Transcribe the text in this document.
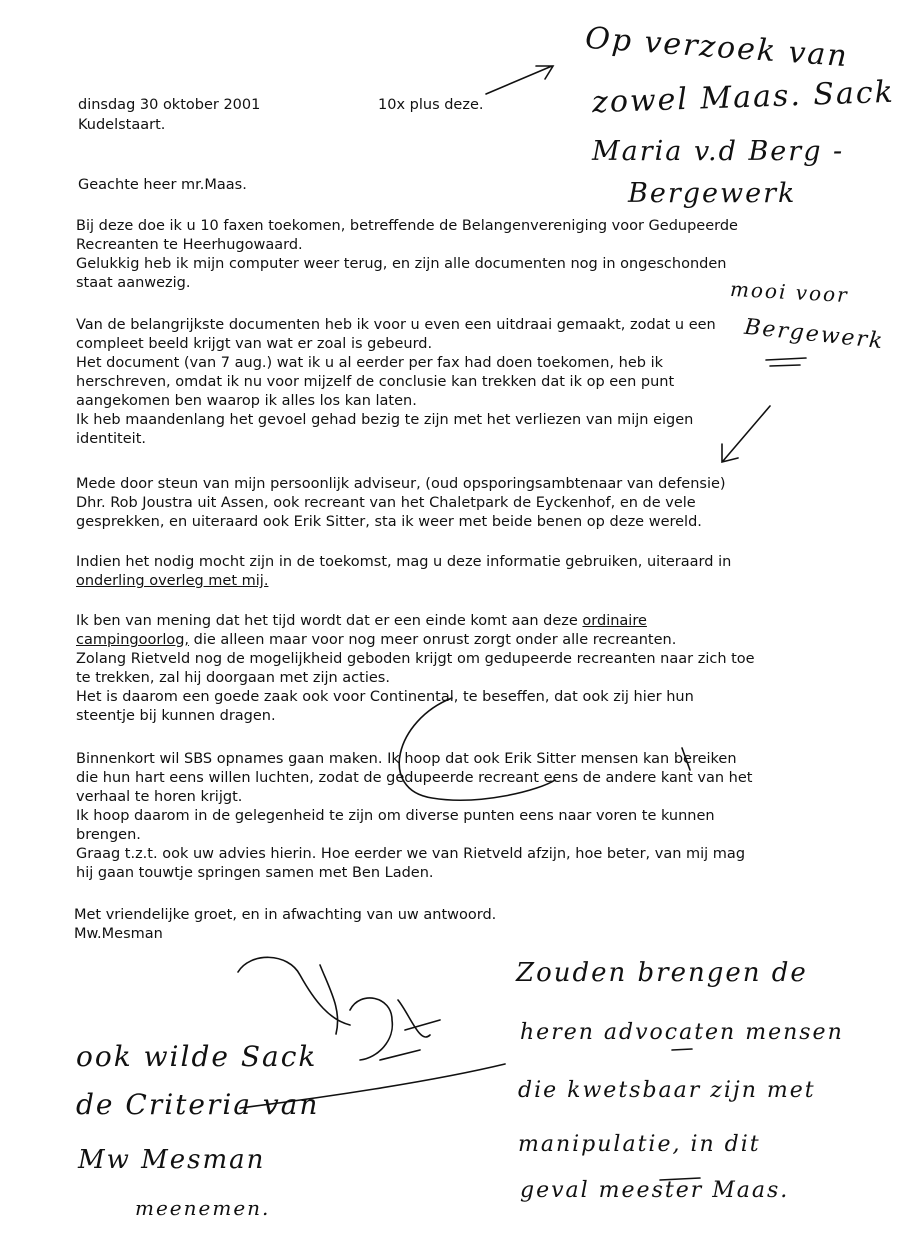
dinsdag 30 oktober 2001	10x plus deze.
Kudelstaart.
Geachte heer mr.Maas.
Bij deze doe ik u 10 faxen toekomen, betreffende de Belangenvereniging voor Gedupeerde
Recreanten te Heerhugowaard.
Gelukkig heb ik mijn computer weer terug, en zijn alle documenten nog in ongeschonden
staat aanwezig.
Van de belangrijkste documenten heb ik voor u even een uitdraai gemaakt, zodat u een
compleet beeld krijgt van wat er zoal is gebeurd.
Het document (van 7 aug.) wat ik u al eerder per fax had doen toekomen, heb ik
herschreven, omdat ik nu voor mijzelf de conclusie kan trekken dat ik op een punt
aangekomen ben waarop ik alles los kan laten.
Ik heb maandenlang het gevoel gehad bezig te zijn met het verliezen van mijn eigen
identiteit.
Mede door steun van mijn persoonlijk adviseur, (oud opsporingsambtenaar van defensie)
Dhr. Rob Joustra uit Assen, ook recreant van het Chaletpark de Eyckenhof, en de vele
gesprekken, en uiteraard ook Erik Sitter, sta ik weer met beide benen op deze wereld.
Indien het nodig mocht zijn in de toekomst, mag u deze informatie gebruiken, uiteraard in
onderling overleg met mij.
Ik ben van mening dat het tijd wordt dat er een einde komt aan deze ordinaire
campingoorlog, die alleen maar voor nog meer onrust zorgt onder alle recreanten.
Zolang Rietveld nog de mogelijkheid geboden krijgt om gedupeerde recreanten naar zich toe
te trekken, zal hij doorgaan met zijn acties.
Het is daarom een goede zaak ook voor Continental, te beseffen, dat ook zij hier hun
steentje bij kunnen dragen.
Binnenkort wil SBS opnames gaan maken. Ik hoop dat ook Erik Sitter mensen kan bereiken
die hun hart eens willen luchten, zodat de gedupeerde recreant eens de andere kant van het
verhaal te horen krijgt.
Ik hoop daarom in de gelegenheid te zijn om diverse punten eens naar voren te kunnen
brengen.
Graag t.z.t. ook uw advies hierin. Hoe eerder we van Rietveld afzijn, hoe beter, van mij mag
hij gaan touwtje springen samen met Ben Laden.
Met vriendelijke groet, en in afwachting van uw antwoord.
Mw.Mesman
Op verzoek van
zowel Maas. Sack
Maria v.d Berg -
Bergewerk
mooi voor
Bergewerk
ook wilde Sack
de Criteria van
Mw Mesman
meenemen.
Zouden brengen de
heren advocaten mensen
die kwetsbaar zijn met
manipulatie, in dit
geval meester Maas.
